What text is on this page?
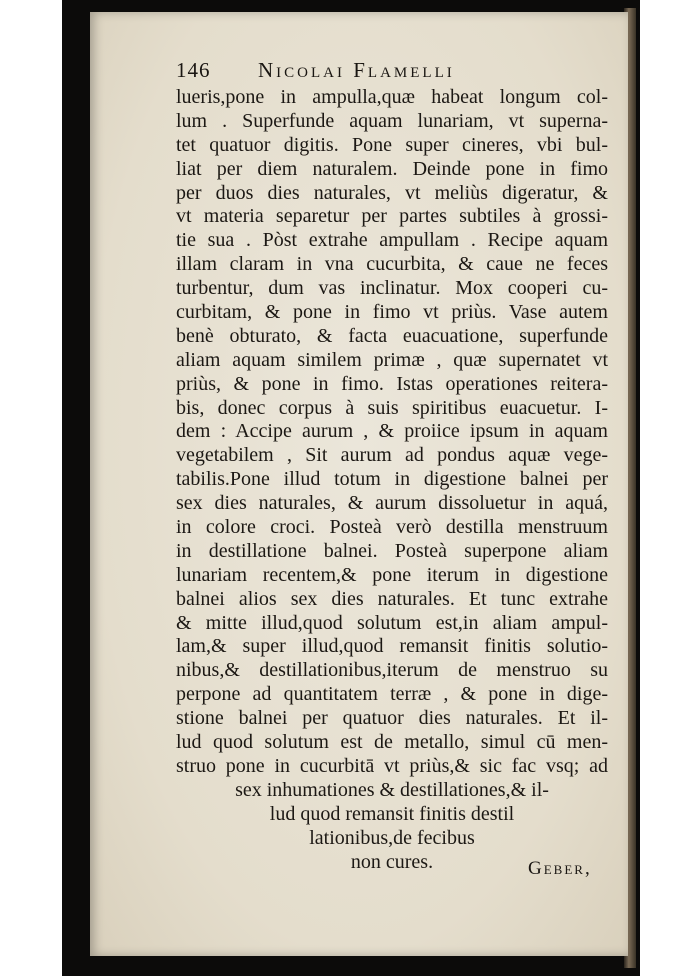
146 Nicolai Flamelli
lueris,pone in ampulla,quæ habeat longum col-
lum . Superfunde aquam lunariam, vt superna-
tet quatuor digitis. Pone super cineres, vbi bul-
liat per diem naturalem. Deinde pone in fimo
per duos dies naturales, vt meliùs digeratur, &
vt materia separetur per partes subtiles à grossi-
tie sua . Pòst extrahe ampullam . Recipe aquam
illam claram in vna cucurbita, & caue ne feces
turbentur, dum vas inclinatur. Mox cooperi cu-
curbitam, & pone in fimo vt priùs. Vase autem
benè obturato, & facta euacuatione, superfunde
aliam aquam similem primæ , quæ supernatet vt
priùs, & pone in fimo. Istas operationes reitera-
bis, donec corpus à suis spiritibus euacuetur. I-
dem : Accipe aurum , & proiice ipsum in aquam
vegetabilem , Sit aurum ad pondus aquæ vege-
tabilis.Pone illud totum in digestione balnei per
sex dies naturales, & aurum dissoluetur in aquá,
in colore croci. Posteà verò destilla menstruum
in destillatione balnei. Posteà superpone aliam
lunariam recentem,& pone iterum in digestione
balnei alios sex dies naturales. Et tunc extrahe
& mitte illud,quod solutum est,in aliam ampul-
lam,& super illud,quod remansit finitis solutio-
nibus,& destillationibus,iterum de menstruo su
perpone ad quantitatem terræ , & pone in dige-
stione balnei per quatuor dies naturales. Et il-
lud quod solutum est de metallo, simul cū men-
struo pone in cucurbitā vt priùs,& sic fac vsq; ad
sex inhumationes & destillationes,& il-
lud quod remansit finitis destil
lationibus,de fecibus
non cures.	Geber,
